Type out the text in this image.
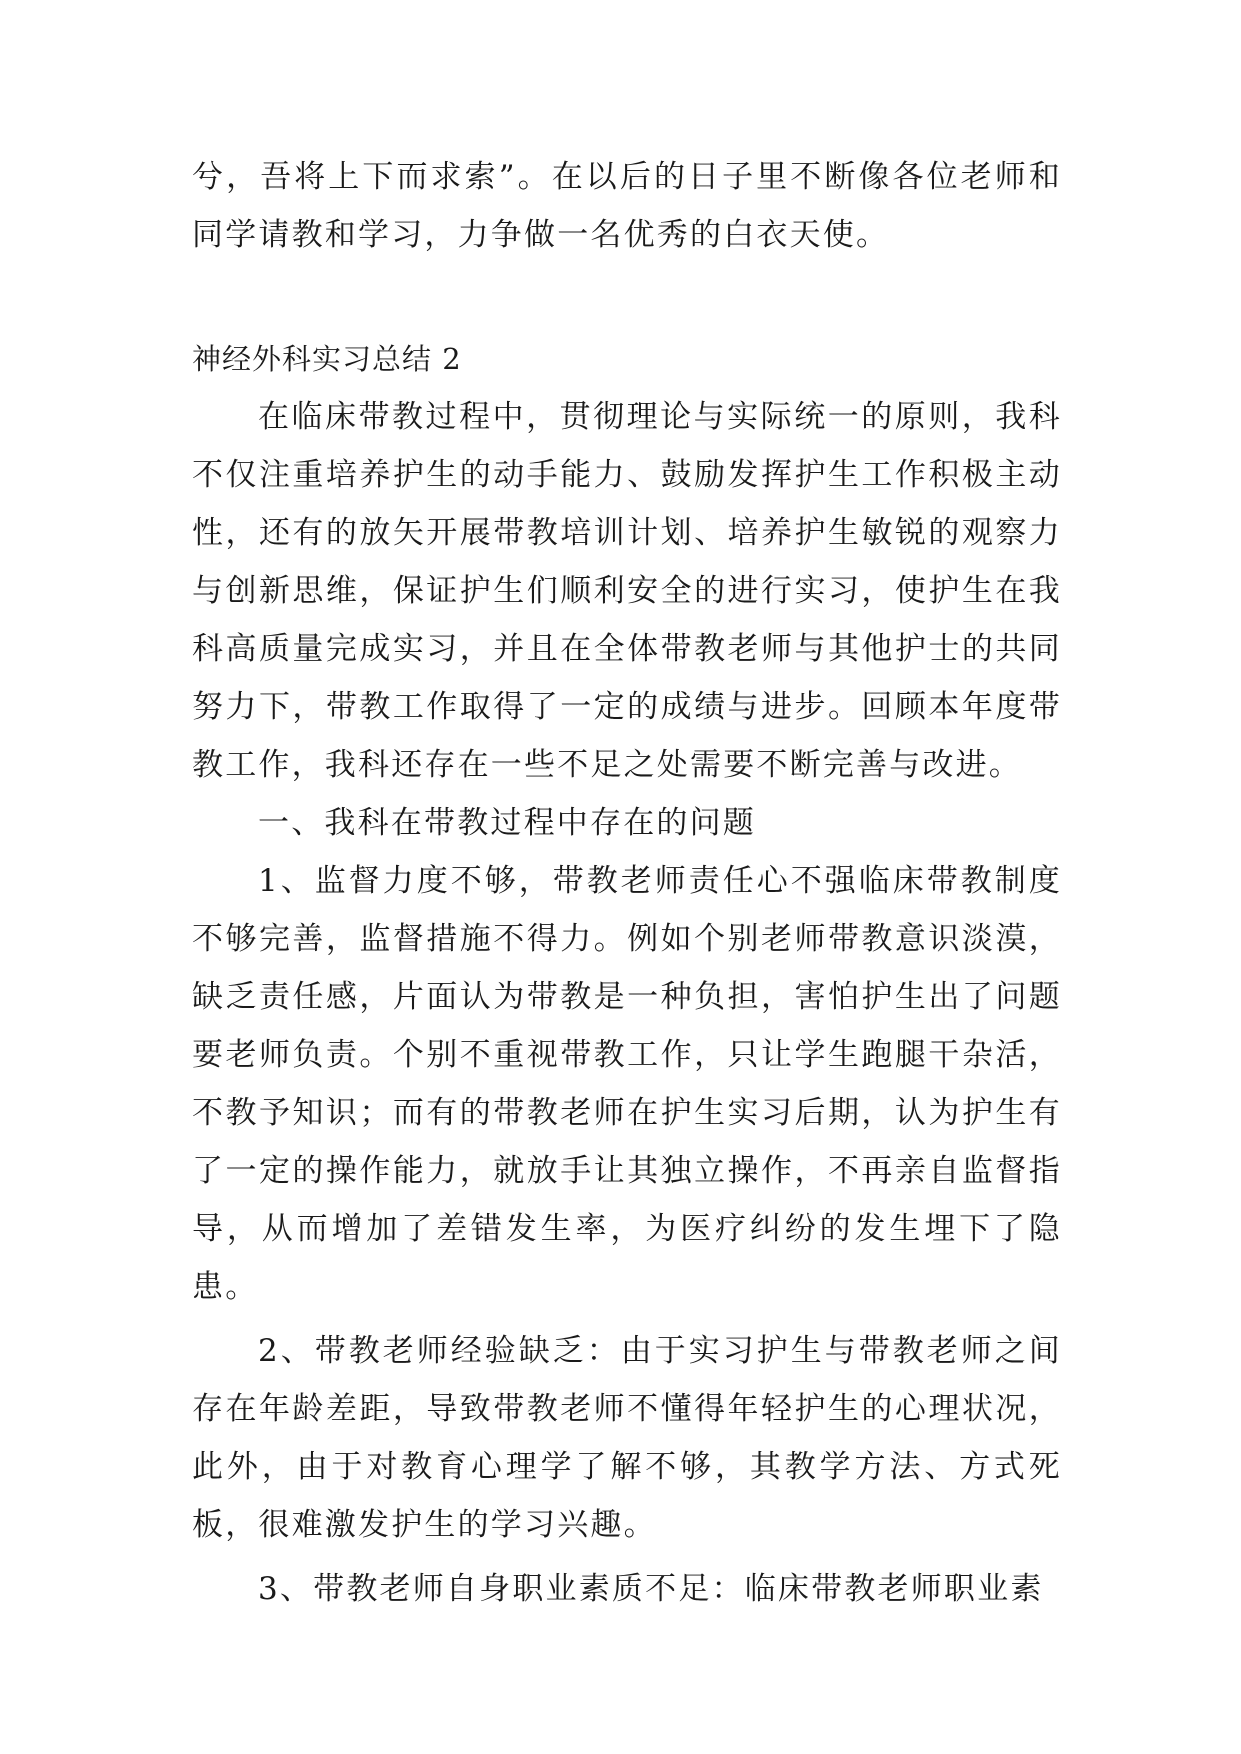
兮，吾将上下而求索”。在以后的日子里不断像各位老师和同学请教和学习，力争做一名优秀的白衣天使。

神经外科实习总结 2

在临床带教过程中，贯彻理论与实际统一的原则，我科不仅注重培养护生的动手能力、鼓励发挥护生工作积极主动性，还有的放矢开展带教培训计划、培养护生敏锐的观察力与创新思维，保证护生们顺利安全的进行实习，使护生在我科高质量完成实习，并且在全体带教老师与其他护士的共同努力下，带教工作取得了一定的成绩与进步。回顾本年度带教工作，我科还存在一些不足之处需要不断完善与改进。

一、我科在带教过程中存在的问题

1、监督力度不够，带教老师责任心不强临床带教制度不够完善，监督措施不得力。例如个别老师带教意识淡漠，缺乏责任感，片面认为带教是一种负担，害怕护生出了问题要老师负责。个别不重视带教工作，只让学生跑腿干杂活，不教予知识；而有的带教老师在护生实习后期，认为护生有了一定的操作能力，就放手让其独立操作，不再亲自监督指导，从而增加了差错发生率，为医疗纠纷的发生埋下了隐患。

2、带教老师经验缺乏：由于实习护生与带教老师之间存在年龄差距，导致带教老师不懂得年轻护生的心理状况，此外，由于对教育心理学了解不够，其教学方法、方式死板，很难激发护生的学习兴趣。

3、带教老师自身职业素质不足：临床带教老师职业素
